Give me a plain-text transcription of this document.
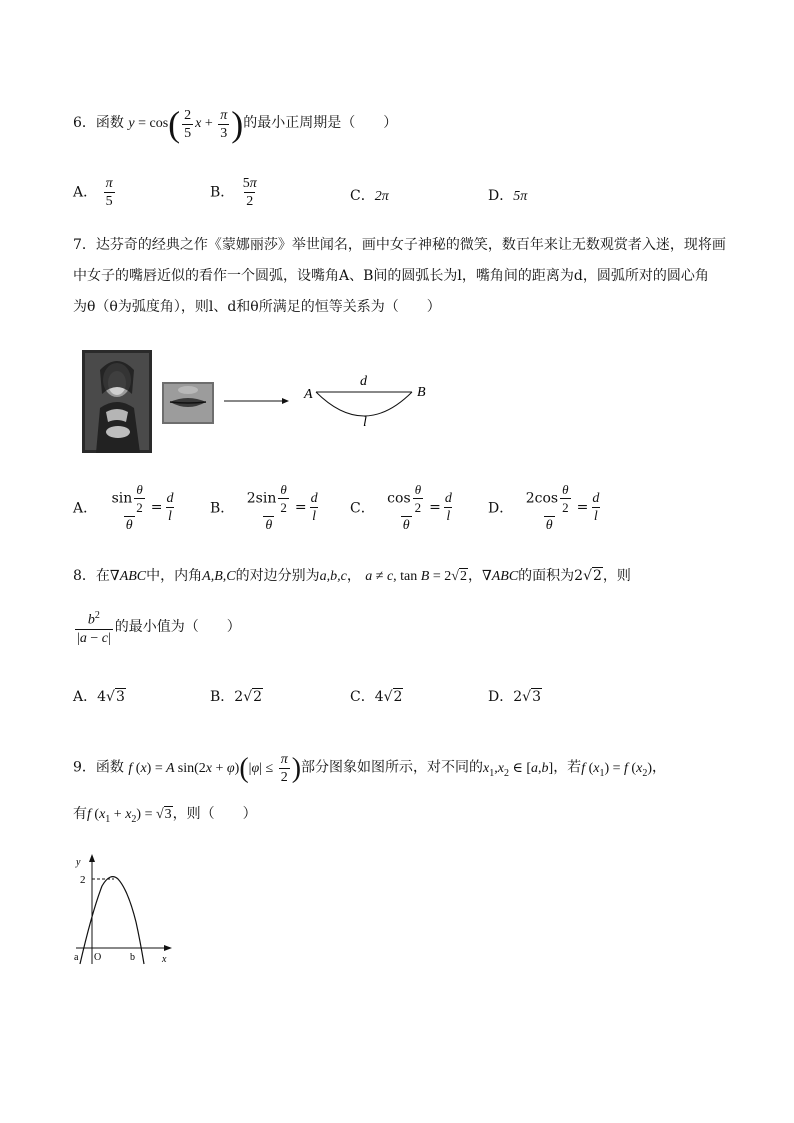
6．函数 $y = \cos( \frac{2}{5}$ $x + \frac{\pi}{3}$ )的最小正周期是（　　）
A． $\frac{\pi}{5}$	B． $\frac{5\pi}{2}$	C．2π	D．5π
7．达芬奇的经典之作《蒙娜丽莎》举世闻名，画中女子神秘的微笑，数百年来让无数观赏者入迷，现将画
中女子的嘴唇近似的看作一个圆弧，设嘴角A、B间的圆弧长为l，嘴角间的距离为d，圆弧所对的圆心角
为θ（θ为弧度角），则l、d和θ所满足的恒等关系为（　　）
A	B
d
l
A． $\frac{\sin \frac{\theta}{2}}{\theta} = \frac{d}{l}$ B． $\frac{2\sin \frac{\theta}{2}}{\theta} = \frac{d}{l}$ C． $\frac{\cos \frac{\theta}{2}}{\theta} = \frac{d}{l}$ D． $\frac{2\cos \frac{\theta}{2}}{\theta} = \frac{d}{l}$
8．在∇ABC中，内角A,B,C的对边分别为a,b,c， a ≠ c, tan B = 2√2，∇ABC的面积为2√2，则
$\frac{b^2}{|a - c|}$ 的最小值为（　　）
A．4√3	B．2√2	C．4√2	D．2√3
9．函数 f (x) = A $\sin(2x + \varphi)(|\varphi| \le \frac{\pi}{2}$ )部分图象如图所示，对不同的$x_1,x_2$ ∈ [a,b]，若f $(x_1) = f$ $(x_2)$，
有f $(x_1 + x_2) = √3$，则（　　）
y
2
a O	b	x
